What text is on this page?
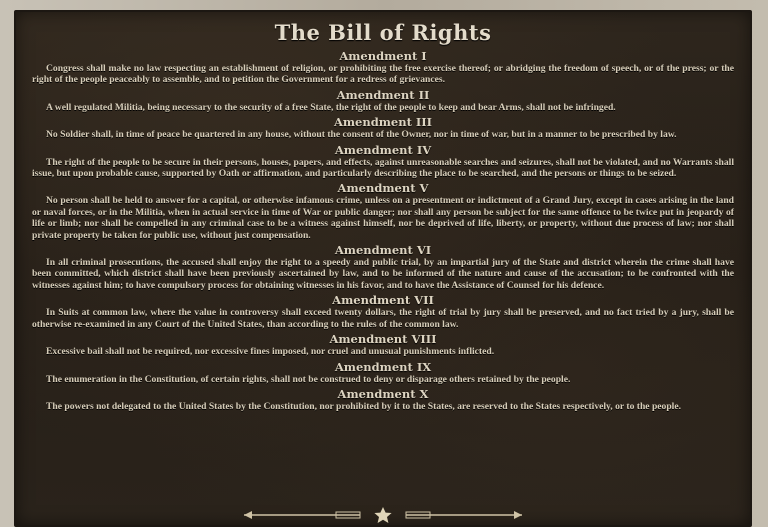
The Bill of Rights
Amendment I
Congress shall make no law respecting an establishment of religion, or prohibiting the free exercise thereof; or abridging the freedom of speech, or of the press; or the right of the people peaceably to assemble, and to petition the Government for a redress of grievances.
Amendment II
A well regulated Militia, being necessary to the security of a free State, the right of the people to keep and bear Arms, shall not be infringed.
Amendment III
No Soldier shall, in time of peace be quartered in any house, without the consent of the Owner, nor in time of war, but in a manner to be prescribed by law.
Amendment IV
The right of the people to be secure in their persons, houses, papers, and effects, against unreasonable searches and seizures, shall not be violated, and no Warrants shall issue, but upon probable cause, supported by Oath or affirmation, and particularly describing the place to be searched, and the persons or things to be seized.
Amendment V
No person shall be held to answer for a capital, or otherwise infamous crime, unless on a presentment or indictment of a Grand Jury, except in cases arising in the land or naval forces, or in the Militia, when in actual service in time of War or public danger; nor shall any person be subject for the same offence to be twice put in jeopardy of life or limb; nor shall be compelled in any criminal case to be a witness against himself, nor be deprived of life, liberty, or property, without due process of law; nor shall private property be taken for public use, without just compensation.
Amendment VI
In all criminal prosecutions, the accused shall enjoy the right to a speedy and public trial, by an impartial jury of the State and district wherein the crime shall have been committed, which district shall have been previously ascertained by law, and to be informed of the nature and cause of the accusation; to be confronted with the witnesses against him; to have compulsory process for obtaining witnesses in his favor, and to have the Assistance of Counsel for his defence.
Amendment VII
In Suits at common law, where the value in controversy shall exceed twenty dollars, the right of trial by jury shall be preserved, and no fact tried by a jury, shall be otherwise re-examined in any Court of the United States, than according to the rules of the common law.
Amendment VIII
Excessive bail shall not be required, nor excessive fines imposed, nor cruel and unusual punishments inflicted.
Amendment IX
The enumeration in the Constitution, of certain rights, shall not be construed to deny or disparage others retained by the people.
Amendment X
The powers not delegated to the United States by the Constitution, nor prohibited by it to the States, are reserved to the States respectively, or to the people.
